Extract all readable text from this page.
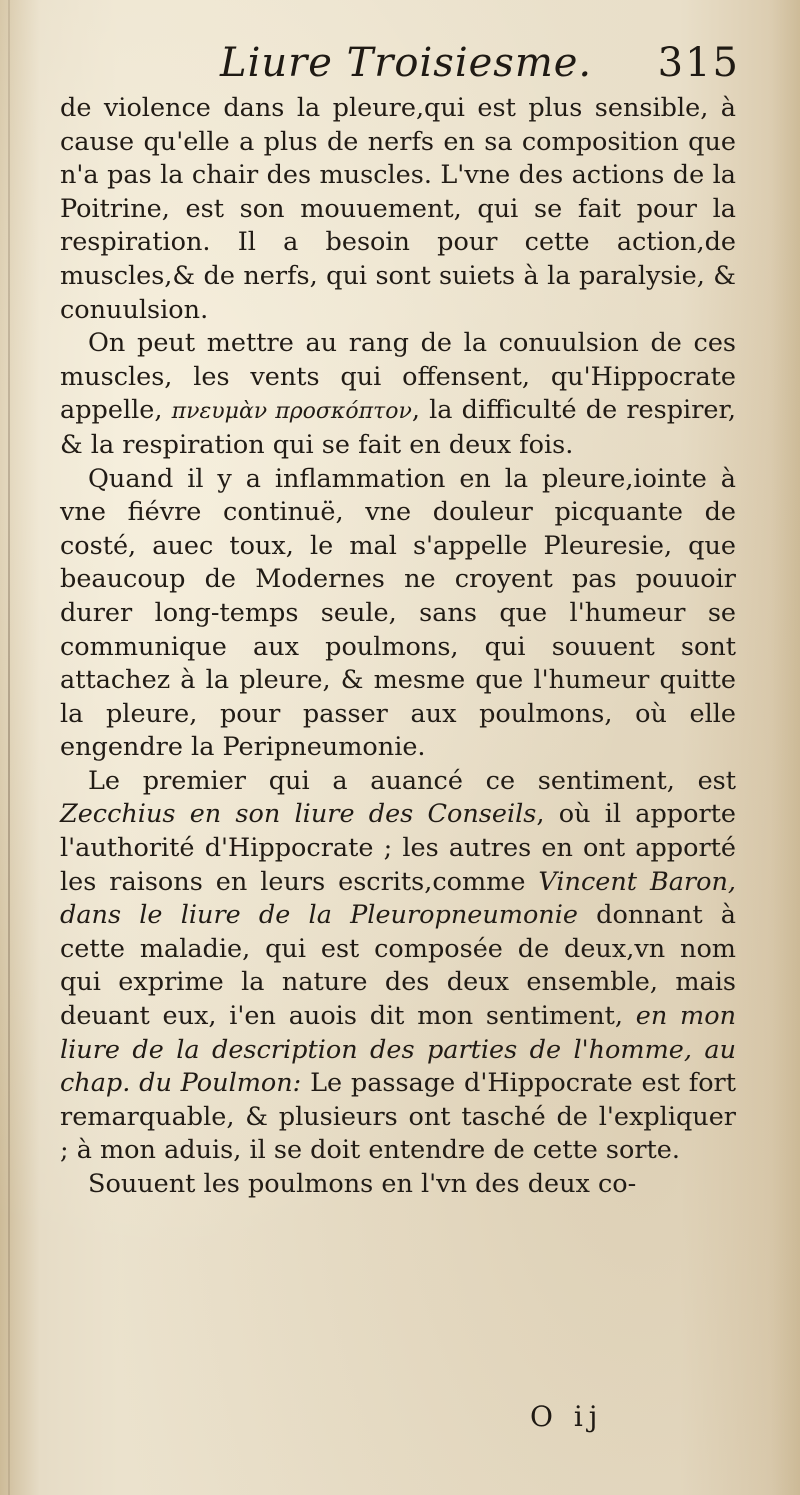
Liure Troisiesme. 315

de violence dans la pleure,qui est plus sensible, à cause qu'elle a plus de nerfs en sa composition que n'a pas la chair des muscles. L'vne des actions de la Poitrine, est son mouuement, qui se fait pour la respiration. Il a besoin pour cette action,de muscles,& de nerfs, qui sont suiets à la paralysie, & conuulsion.

On peut mettre au rang de la conuulsion de ces muscles, les vents qui offensent, qu'Hippocrate appelle, πνευμὰν προσκόπτον, la difficulté de respirer, & la respiration qui se fait en deux fois.

Quand il y a inflammation en la pleure,iointe à vne fiévre continuë, vne douleur picquante de costé, auec toux, le mal s'appelle Pleuresie, que beaucoup de Modernes ne croyent pas pouuoir durer long-temps seule, sans que l'humeur se communique aux poulmons, qui souuent sont attachez à la pleure, & mesme que l'humeur quitte la pleure, pour passer aux poulmons, où elle engendre la Peripneumonie.

Le premier qui a auancé ce sentiment, est Zecchius en son liure des Conseils, où il apporte l'authorité d'Hippocrate ; les autres en ont apporté les raisons en leurs escrits,comme Vincent Baron, dans le liure de la Pleuropneumonie donnant à cette maladie, qui est composée de deux,vn nom qui exprime la nature des deux ensemble, mais deuant eux, i'en auois dit mon sentiment, en mon liure de la description des parties de l'homme, au chap. du Poulmon: Le passage d'Hippocrate est fort remarquable, & plusieurs ont tasché de l'expliquer ; à mon aduis, il se doit entendre de cette sorte.

Souuent les poulmons en l'vn des deux co-

O ij
